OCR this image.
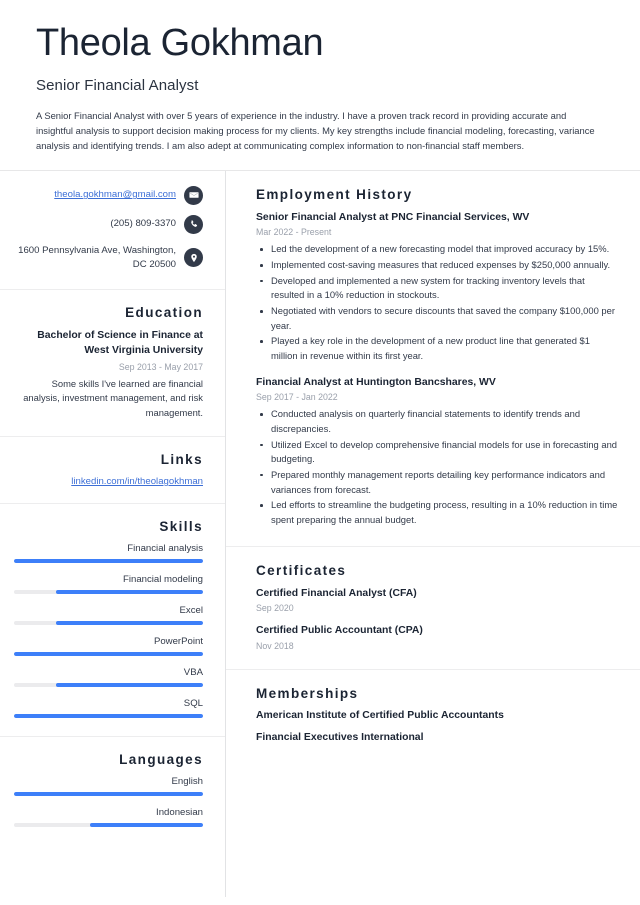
Theola Gokhman
Senior Financial Analyst
A Senior Financial Analyst with over 5 years of experience in the industry. I have a proven track record in providing accurate and insightful analysis to support decision making process for my clients. My key strengths include financial modeling, forecasting, variance analysis and identifying trends. I am also adept at communicating complex information to non-financial staff members.
theola.gokhman@gmail.com
(205) 809-3370
1600 Pennsylvania Ave, Washington, DC 20500
Education
Bachelor of Science in Finance at West Virginia University
Sep 2013 - May 2017
Some skills I've learned are financial analysis, investment management, and risk management.
Links
linkedin.com/in/theolagokhman
Skills
Financial analysis
Financial modeling
Excel
PowerPoint
VBA
SQL
Languages
English
Indonesian
Employment History
Senior Financial Analyst at PNC Financial Services, WV
Mar 2022 - Present
Led the development of a new forecasting model that improved accuracy by 15%.
Implemented cost-saving measures that reduced expenses by $250,000 annually.
Developed and implemented a new system for tracking inventory levels that resulted in a 10% reduction in stockouts.
Negotiated with vendors to secure discounts that saved the company $100,000 per year.
Played a key role in the development of a new product line that generated $1 million in revenue within its first year.
Financial Analyst at Huntington Bancshares, WV
Sep 2017 - Jan 2022
Conducted analysis on quarterly financial statements to identify trends and discrepancies.
Utilized Excel to develop comprehensive financial models for use in forecasting and budgeting.
Prepared monthly management reports detailing key performance indicators and variances from forecast.
Led efforts to streamline the budgeting process, resulting in a 10% reduction in time spent preparing the annual budget.
Certificates
Certified Financial Analyst (CFA)
Sep 2020
Certified Public Accountant (CPA)
Nov 2018
Memberships
American Institute of Certified Public Accountants
Financial Executives International
